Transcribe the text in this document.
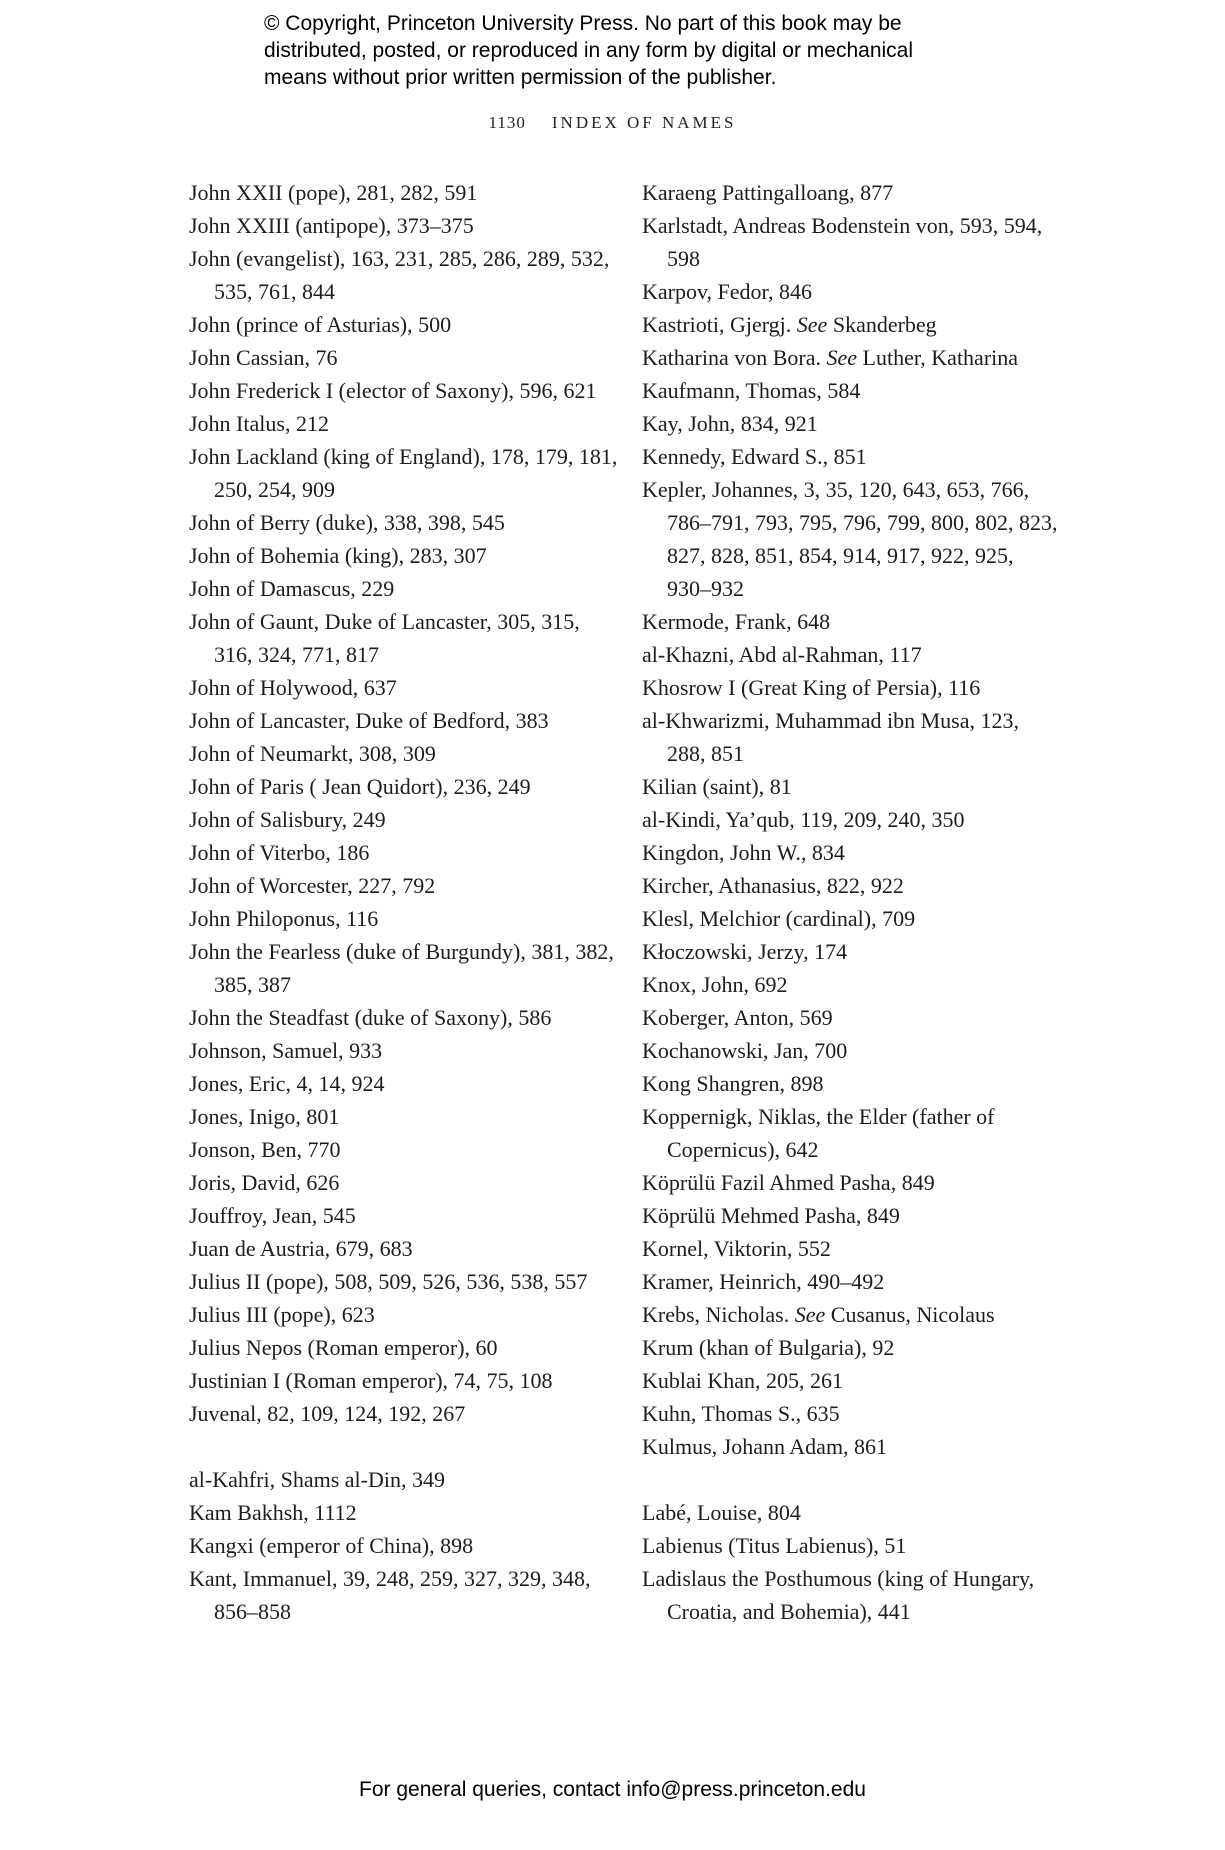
© Copyright, Princeton University Press. No part of this book may be
distributed, posted, or reproduced in any form by digital or mechanical
means without prior written permission of the publisher.
1130 INDEX OF NAMES

John XXII (pope), 281, 282, 591

John XXIII (antipope), 373–375

John (evangelist), 163, 231, 285, 286, 289, 532, 535, 761, 844

John (prince of Asturias), 500

John Cassian, 76

John Frederick I (elector of Saxony), 596, 621

John Italus, 212

John Lackland (king of England), 178, 179, 181, 250, 254, 909

John of Berry (duke), 338, 398, 545

John of Bohemia (king), 283, 307

John of Damascus, 229

John of Gaunt, Duke of Lancaster, 305, 315, 316, 324, 771, 817

John of Holywood, 637

John of Lancaster, Duke of Bedford, 383

John of Neumarkt, 308, 309

John of Paris ( Jean Quidort), 236, 249

John of Salisbury, 249

John of Viterbo, 186

John of Worcester, 227, 792

John Philoponus, 116

John the Fearless (duke of Burgundy), 381, 382, 385, 387

John the Steadfast (duke of Saxony), 586

Johnson, Samuel, 933

Jones, Eric, 4, 14, 924

Jones, Inigo, 801

Jonson, Ben, 770

Joris, David, 626

Jouffroy, Jean, 545

Juan de Austria, 679, 683

Julius II (pope), 508, 509, 526, 536, 538, 557

Julius III (pope), 623

Julius Nepos (Roman emperor), 60

Justinian I (Roman emperor), 74, 75, 108

Juvenal, 82, 109, 124, 192, 267

al-Kahfri, Shams al-Din, 349

Kam Bakhsh, 1112

Kangxi (emperor of China), 898

Kant, Immanuel, 39, 248, 259, 327, 329, 348, 856–858

Karaeng Pattingalloang, 877

Karlstadt, Andreas Bodenstein von, 593, 594, 598

Karpov, Fedor, 846

Kastrioti, Gjergj. See Skanderbeg

Katharina von Bora. See Luther, Katharina

Kaufmann, Thomas, 584

Kay, John, 834, 921

Kennedy, Edward S., 851

Kepler, Johannes, 3, 35, 120, 643, 653, 766, 786–791, 793, 795, 796, 799, 800, 802, 823, 827, 828, 851, 854, 914, 917, 922, 925, 930–932

Kermode, Frank, 648

al-Khazni, Abd al-Rahman, 117

Khosrow I (Great King of Persia), 116

al-Khwarizmi, Muhammad ibn Musa, 123, 288, 851

Kilian (saint), 81

al-Kindi, Ya’qub, 119, 209, 240, 350

Kingdon, John W., 834

Kircher, Athanasius, 822, 922

Klesl, Melchior (cardinal), 709

Kłoczowski, Jerzy, 174

Knox, John, 692

Koberger, Anton, 569

Kochanowski, Jan, 700

Kong Shangren, 898

Koppernigk, Niklas, the Elder (father of Copernicus), 642

Köprülü Fazil Ahmed Pasha, 849

Köprülü Mehmed Pasha, 849

Kornel, Viktorin, 552

Kramer, Heinrich, 490–492

Krebs, Nicholas. See Cusanus, Nicolaus

Krum (khan of Bulgaria), 92

Kublai Khan, 205, 261

Kuhn, Thomas S., 635

Kulmus, Johann Adam, 861

Labé, Louise, 804

Labienus (Titus Labienus), 51

Ladislaus the Posthumous (king of Hungary, Croatia, and Bohemia), 441

For general queries, contact info@press.princeton.edu
